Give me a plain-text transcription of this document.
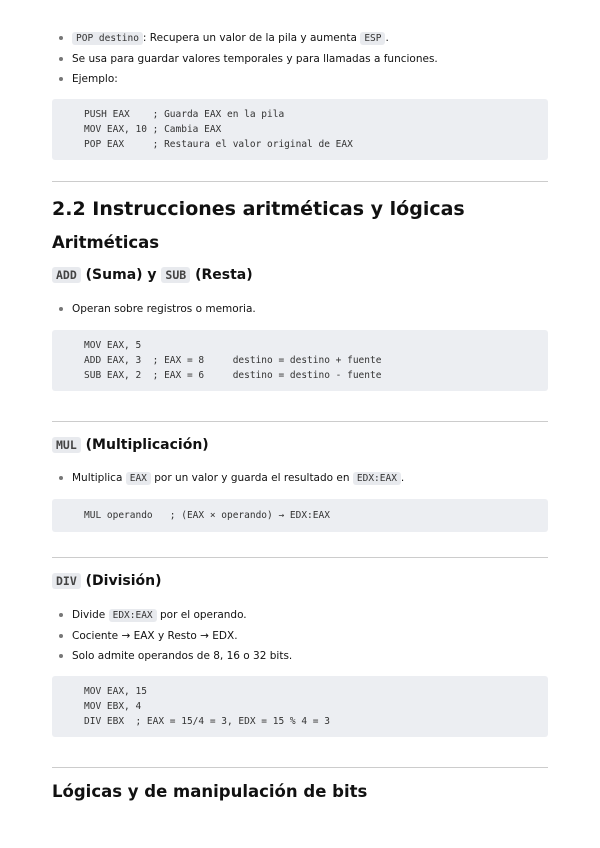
POP destino : Recupera un valor de la pila y aumenta ESP .
Se usa para guardar valores temporales y para llamadas a funciones.
Ejemplo:
PUSH EAX    ; Guarda EAX en la pila
MOV EAX, 10 ; Cambia EAX
POP EAX     ; Restaura el valor original de EAX
2.2 Instrucciones aritméticas y lógicas
Aritméticas
ADD (Suma) y SUB (Resta)
Operan sobre registros o memoria.
MOV EAX, 5
ADD EAX, 3  ; EAX = 8     destino = destino + fuente
SUB EAX, 2  ; EAX = 6     destino = destino - fuente
MUL (Multiplicación)
Multiplica EAX por un valor y guarda el resultado en EDX:EAX .
MUL operando   ; (EAX × operando) → EDX:EAX
DIV (División)
Divide EDX:EAX por el operando.
Cociente → EAX y Resto → EDX.
Solo admite operandos de 8, 16 o 32 bits.
MOV EAX, 15
MOV EBX, 4
DIV EBX  ; EAX = 15/4 = 3, EDX = 15 % 4 = 3
Lógicas y de manipulación de bits
